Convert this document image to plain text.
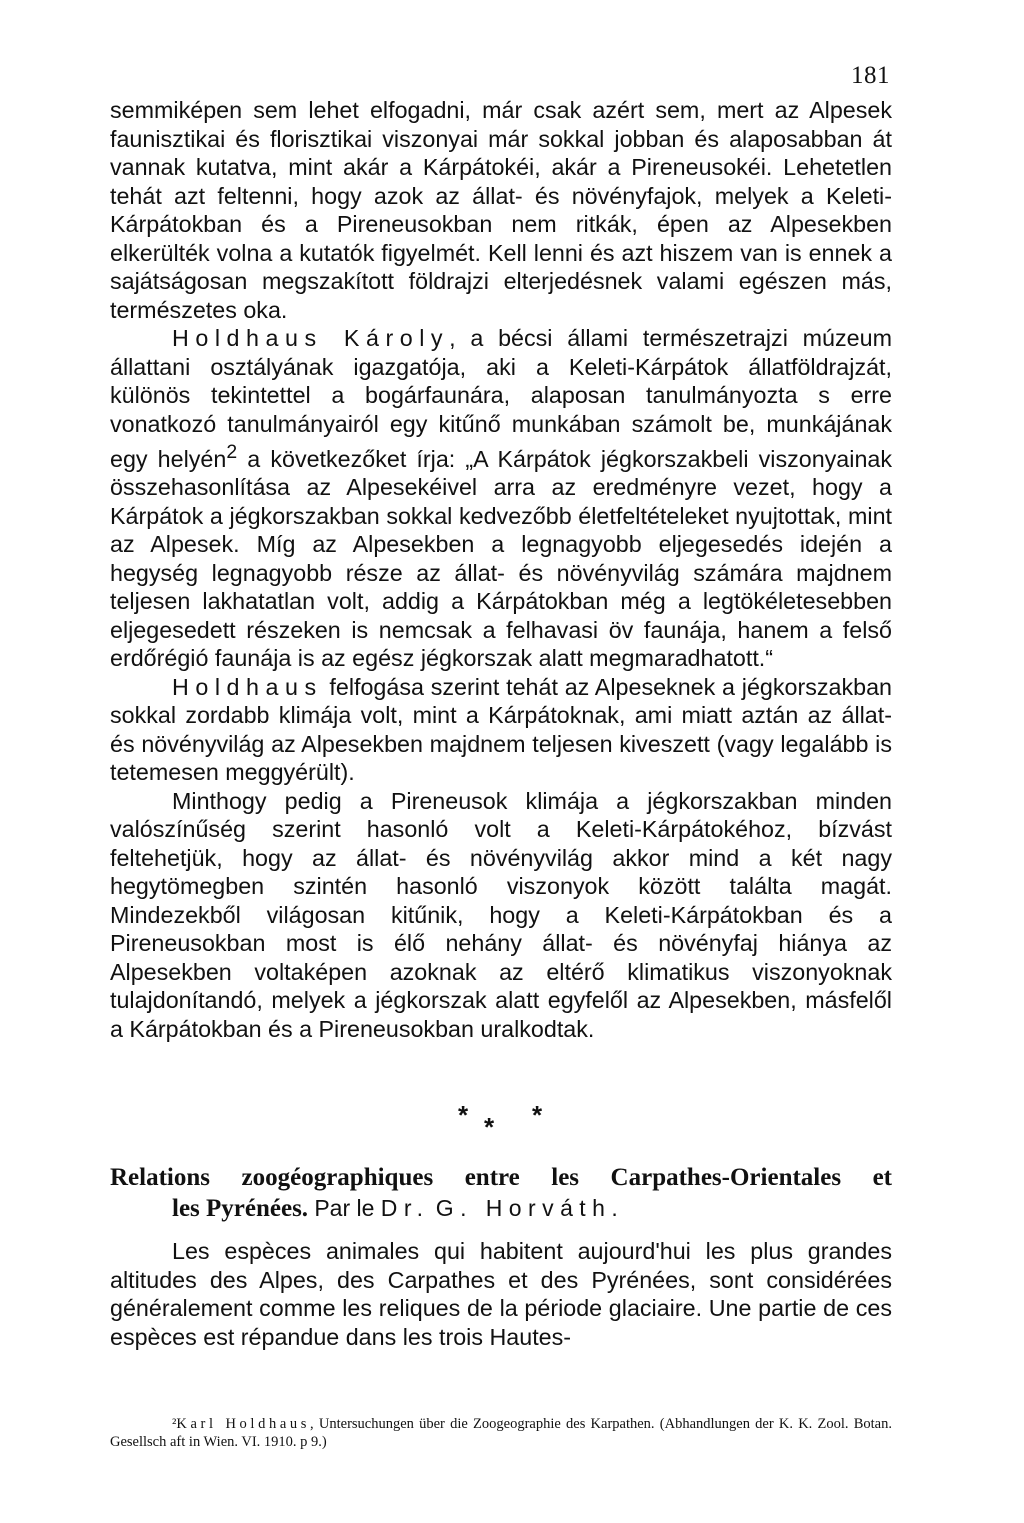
181

semmiképen sem lehet elfogadni, már csak azért sem, mert az Alpesek faunisztikai és florisztikai viszonyai már sokkal jobban és alaposabban át vannak kutatva, mint akár a Kárpátokéi, akár a Pireneusokéi. Lehetetlen tehát azt feltenni, hogy azok az állat- és növényfajok, melyek a Keleti-Kárpátokban és a Pireneusokban nem ritkák, épen az Alpesekben elkerülték volna a kutatók figyelmét. Kell lenni és azt hiszem van is ennek a sajátságosan megszakított földrajzi elterjedésnek valami egészen más, természetes oka.

Holdhaus Károly, a bécsi állami természetrajzi múzeum állattani osztályának igazgatója, aki a Keleti-Kárpátok állatföldrajzát, különös tekintettel a bogárfaunára, alaposan tanulmányozta s erre vonatkozó tanulmányairól egy kitűnő munkában számolt be, munkájának egy helyén$^2$ a következőket írja: „A Kárpátok jégkorszakbeli viszonyainak összehasonlítása az Alpesekéivel arra az eredményre vezet, hogy a Kárpátok a jégkorszakban sokkal kedvezőbb életfeltételeket nyujtottak, mint az Alpesek. Míg az Alpesekben a legnagyobb eljegesedés idején a hegység legnagyobb része az állat- és növényvilág számára majdnem teljesen lakhatatlan volt, addig a Kárpátokban még a legtökéletesebben eljegesedett részeken is nemcsak a felhavasi öv faunája, hanem a felső erdőrégió faunája is az egész jégkorszak alatt megmaradhatott.“

Holdhaus felfogása szerint tehát az Alpeseknek a jégkorszakban sokkal zordabb klimája volt, mint a Kárpátoknak, ami miatt aztán az állat- és növényvilág az Alpesekben majdnem teljesen kiveszett (vagy legalább is tetemesen meggyérült).

Minthogy pedig a Pireneusok klimája a jégkorszakban minden valószínűség szerint hasonló volt a Keleti-Kárpátokéhoz, bízvást feltehetjük, hogy az állat- és növényvilág akkor mind a két nagy hegytömegben szintén hasonló viszonyok között találta magát. Mindezekből világosan kitűnik, hogy a Keleti-Kárpátokban és a Pireneusokban most is élő nehány állat- és növényfaj hiánya az Alpesekben voltaképen azoknak az eltérő klimatikus viszonyoknak tulajdonítandó, melyek a jégkorszak alatt egyfelől az Alpesekben, másfelől a Kárpátokban és a Pireneusokban uralkodtak.

* * *
Relations zoogéographiques entre les Carpathes-Orientales et
les Pyrénées. Par le Dr. G. Horváth.

Les espèces animales qui habitent aujourd'hui les plus grandes altitudes des Alpes, des Carpathes et des Pyrénées, sont considérées généralement comme les reliques de la période glaciaire. Une partie de ces espèces est répandue dans les trois Hautes-

²Karl Holdhaus, Untersuchungen über die Zoogeographie des Karpathen. (Abhandlungen der K. K. Zool. Botan. Gesellsch aft in Wien. VI. 1910. p 9.)
